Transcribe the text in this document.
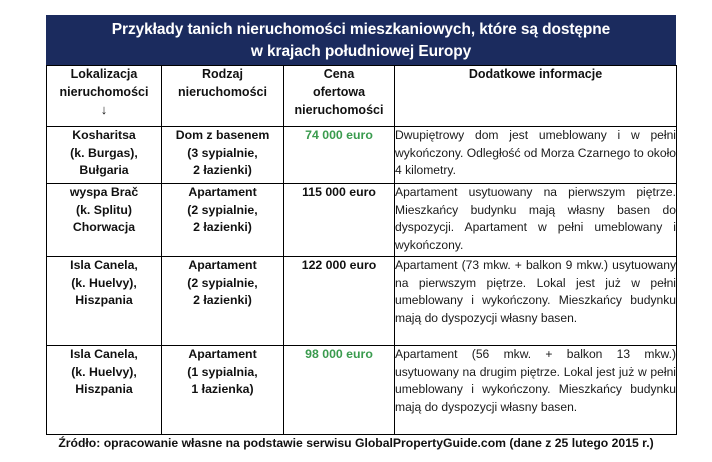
Przykłady tanich nieruchomości mieszkaniowych, które są dostępne
w krajach południowej Europy
Lokalizacja
nieruchomości
↓	Rodzaj
nieruchomości	Cena
ofertowa
nieruchomości	Dodatkowe informacje

Kosharitsa
(k. Burgas),
Bułgaria	Dom z basenem
(3 sypialnie,
2 łazienki)	74 000 euro	Dwupiętrowy dom jest umeblowany i w pełni wykończony. Odległość od Morza Czarnego to około 4 kilometry.

wyspa Brač
(k. Splitu)
Chorwacja	Apartament
(2 sypialnie,
2 łazienki)	115 000 euro	Apartament usytuowany na pierwszym piętrze. Mieszkańcy budynku mają własny basen do dyspozycji. Apartament w pełni umeblowany i wykończony.

Isla Canela,
(k. Huelvy),
Hiszpania	Apartament
(2 sypialnie,
2 łazienki)	122 000 euro	Apartament (73 mkw. + balkon 9 mkw.) usytuowany na pierwszym piętrze. Lokal jest już w pełni umeblowany i wykończony. Mieszkańcy budynku mają do dyspozycji własny basen.

Isla Canela,
(k. Huelvy),
Hiszpania	Apartament
(1 sypialnia,
1 łazienka)	98 000 euro	Apartament (56 mkw. + balkon 13 mkw.) usytuowany na drugim piętrze. Lokal jest już w pełni umeblowany i wykończony. Mieszkańcy budynku mają do dyspozycji własny basen.

Źródło: opracowanie własne na podstawie serwisu GlobalPropertyGuide.com (dane z 25 lutego 2015 r.)
